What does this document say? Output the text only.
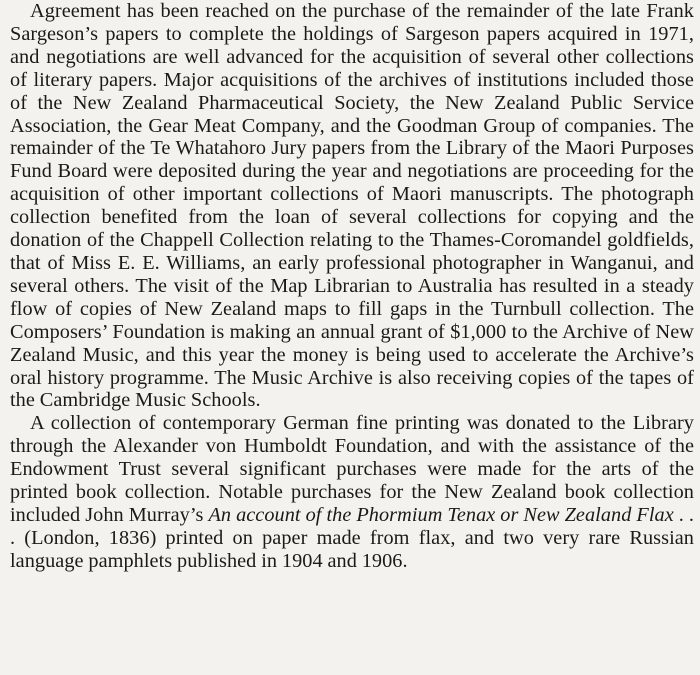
Agreement has been reached on the purchase of the remainder of the late Frank Sargeson’s papers to complete the holdings of Sargeson papers acquired in 1971, and negotiations are well advanced for the acquisition of several other collections of literary papers. Major acquisitions of the archives of institutions included those of the New Zealand Pharmaceutical Society, the New Zealand Public Service Association, the Gear Meat Company, and the Goodman Group of companies. The remainder of the Te Whatahoro Jury papers from the Library of the Maori Purposes Fund Board were deposited during the year and negotiations are proceeding for the acquisition of other important collections of Maori manuscripts. The photograph collection benefited from the loan of several collections for copying and the donation of the Chappell Collection relating to the Thames-Coromandel goldfields, that of Miss E. E. Williams, an early professional photographer in Wanganui, and several others. The visit of the Map Librarian to Australia has resulted in a steady flow of copies of New Zealand maps to fill gaps in the Turnbull collection. The Composers’ Foundation is making an annual grant of $1,000 to the Archive of New Zealand Music, and this year the money is being used to accelerate the Archive’s oral history programme. The Music Archive is also receiving copies of the tapes of the Cambridge Music Schools.

A collection of contemporary German fine printing was donated to the Library through the Alexander von Humboldt Foundation, and with the assistance of the Endowment Trust several significant purchases were made for the arts of the printed book collection. Notable purchases for the New Zealand book collection included John Murray’s An account of the Phormium Tenax or New Zealand Flax . . . (London, 1836) printed on paper made from flax, and two very rare Russian language pamphlets published in 1904 and 1906.
